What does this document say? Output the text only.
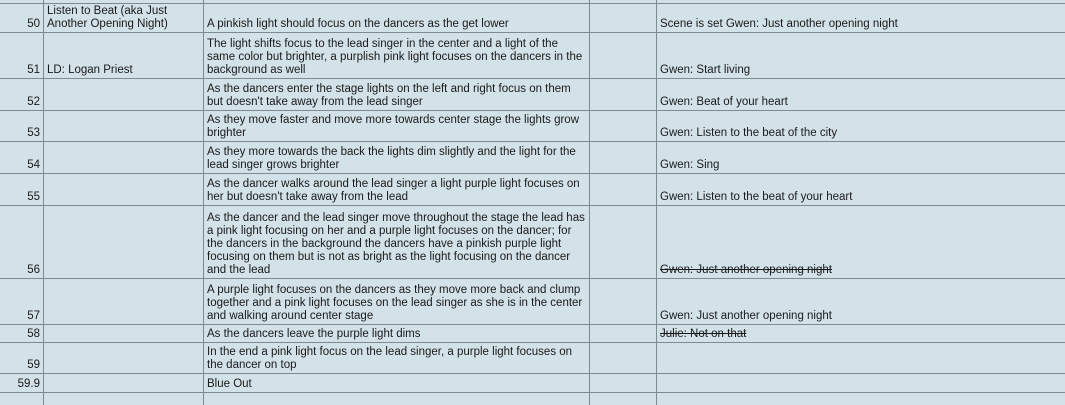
50	Listen to Beat (aka Just Another Opening Night)	A pinkish light should focus on the dancers as the get lower		Scene is set Gwen: Just another opening night
51	LD: Logan Priest	The light shifts focus to the lead singer in the center and a light of the same color but brighter, a purplish pink light focuses on the dancers in the background as well		Gwen: Start living
52		As the dancers enter the stage lights on the left and right focus on them but doesn't take away from the lead singer		Gwen: Beat of your heart
53		As they move faster and move more towards center stage the lights grow brighter		Gwen: Listen to the beat of the city
54		As they more towards the back the lights dim slightly and the light for the lead singer grows brighter		Gwen: Sing
55		As the dancer walks around the lead singer a light purple light focuses on her but doesn't take away from the lead		Gwen: Listen to the beat of your heart
56		As the dancer and the lead singer move throughout the stage the lead has a pink light focusing on her and a purple light focuses on the dancer; for the dancers in the background the dancers have a pinkish purple light focusing on them but is not as bright as the light focusing on the dancer and the lead		Gwen: Just another opening night
57		A purple light focuses on the dancers as they move more back and clump together and a pink light focuses on the lead singer as she is in the center and walking around center stage		Gwen: Just another opening night
58		As the dancers leave the purple light dims		Julie: Not on that
59		In the end a pink light focus on the lead singer, a purple light focuses on the dancer on top		
59.9		Blue Out		
